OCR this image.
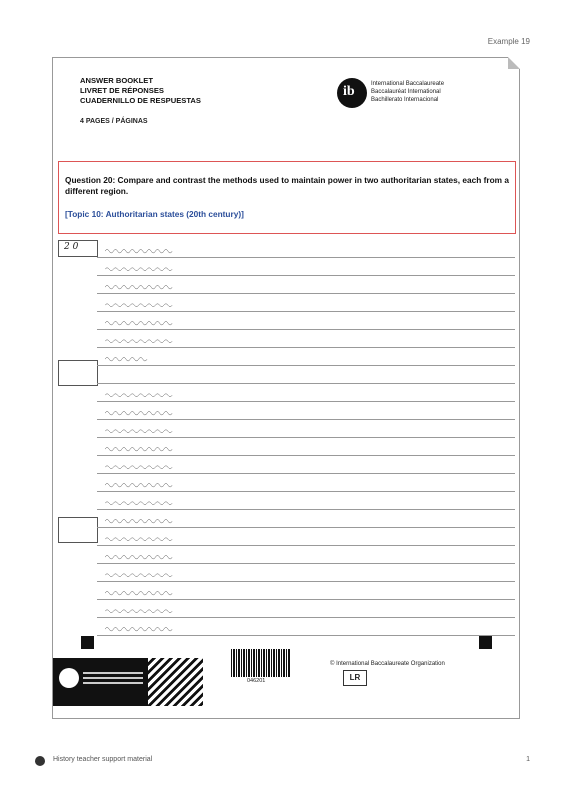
Example 19
ANSWER BOOKLET
LIVRET DE RÉPONSES
CUADERNILLO DE RESPUESTAS
4 PAGES / PÁGINAS
ib	International Baccalaureate
Baccalauréat International
Bachillerato Internacional
Question 20: Compare and contrast the methods used to maintain power in two authoritarian states, each from a different region.
[Topic 10: Authoritarian states (20th century)]
2 0
046201
© International Baccalaureate Organization
LR
History teacher support material	1
